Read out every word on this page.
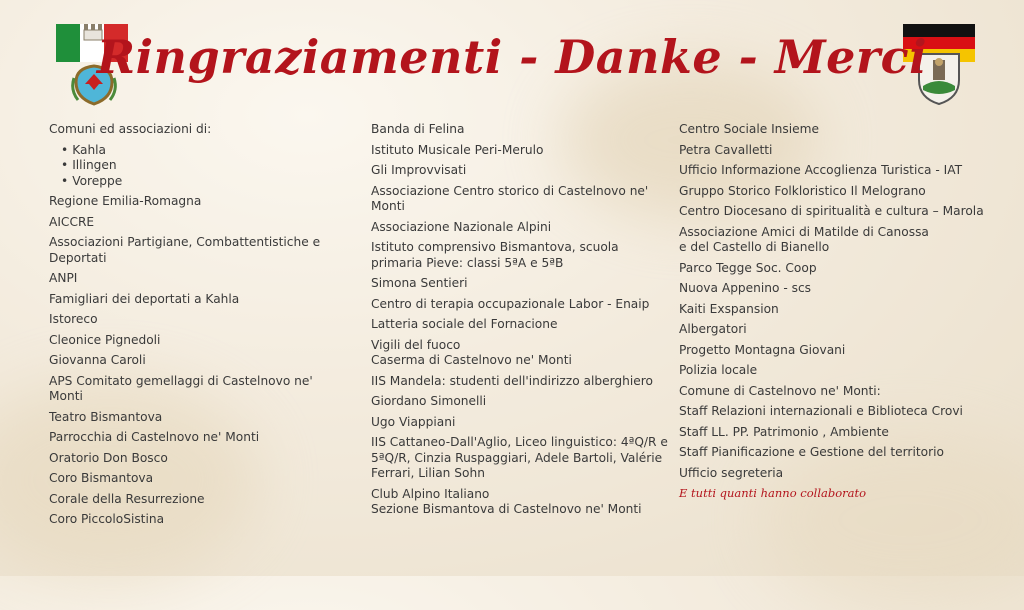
Ringraziamenti - Danke - Merci
Comuni ed associazioni di:
• Kahla
• Illingen
• Voreppe
Regione Emilia-Romagna
AICCRE
Associazioni Partigiane, Combattentistiche e Deportati
ANPI
Famigliari dei deportati a Kahla
Istoreco
Cleonice Pignedoli
Giovanna Caroli
APS Comitato gemellaggi di Castelnovo ne' Monti
Teatro Bismantova
Parrocchia di Castelnovo ne' Monti
Oratorio Don Bosco
Coro Bismantova
Corale della Resurrezione
Coro PiccoloSistina
Banda di Felina
Istituto Musicale Peri-Merulo
Gli Improvvisati
Associazione Centro storico di Castelnovo ne' Monti
Associazione Nazionale Alpini
Istituto comprensivo Bismantova, scuola primaria Pieve: classi 5ªA e 5ªB
Simona Sentieri
Centro di terapia occupazionale Labor - Enaip
Latteria sociale del Fornacione
Vigili del fuoco
Caserma di Castelnovo ne' Monti
IIS Mandela: studenti dell'indirizzo alberghiero
Giordano Simonelli
Ugo Viappiani
IIS Cattaneo-Dall'Aglio, Liceo linguistico: 4ªQ/R e 5ªQ/R, Cinzia Ruspaggiari, Adele Bartoli, Valérie Ferrari, Lilian Sohn
Club Alpino Italiano
Sezione Bismantova di Castelnovo ne' Monti
Centro Sociale Insieme
Petra Cavalletti
Ufficio Informazione Accoglienza Turistica - IAT
Gruppo Storico Folkloristico Il Melograno
Centro Diocesano di spiritualità e cultura – Marola
Associazione Amici di Matilde di Canossa
e del Castello di Bianello
Parco Tegge Soc. Coop
Nuova Appenino - scs
Kaiti Exspansion
Albergatori
Progetto Montagna Giovani
Polizia locale
Comune di Castelnovo ne' Monti:
Staff Relazioni internazionali e Biblioteca Crovi
Staff LL. PP. Patrimonio , Ambiente
Staff Pianificazione e Gestione del territorio
Ufficio segreteria
E tutti quanti hanno collaborato
